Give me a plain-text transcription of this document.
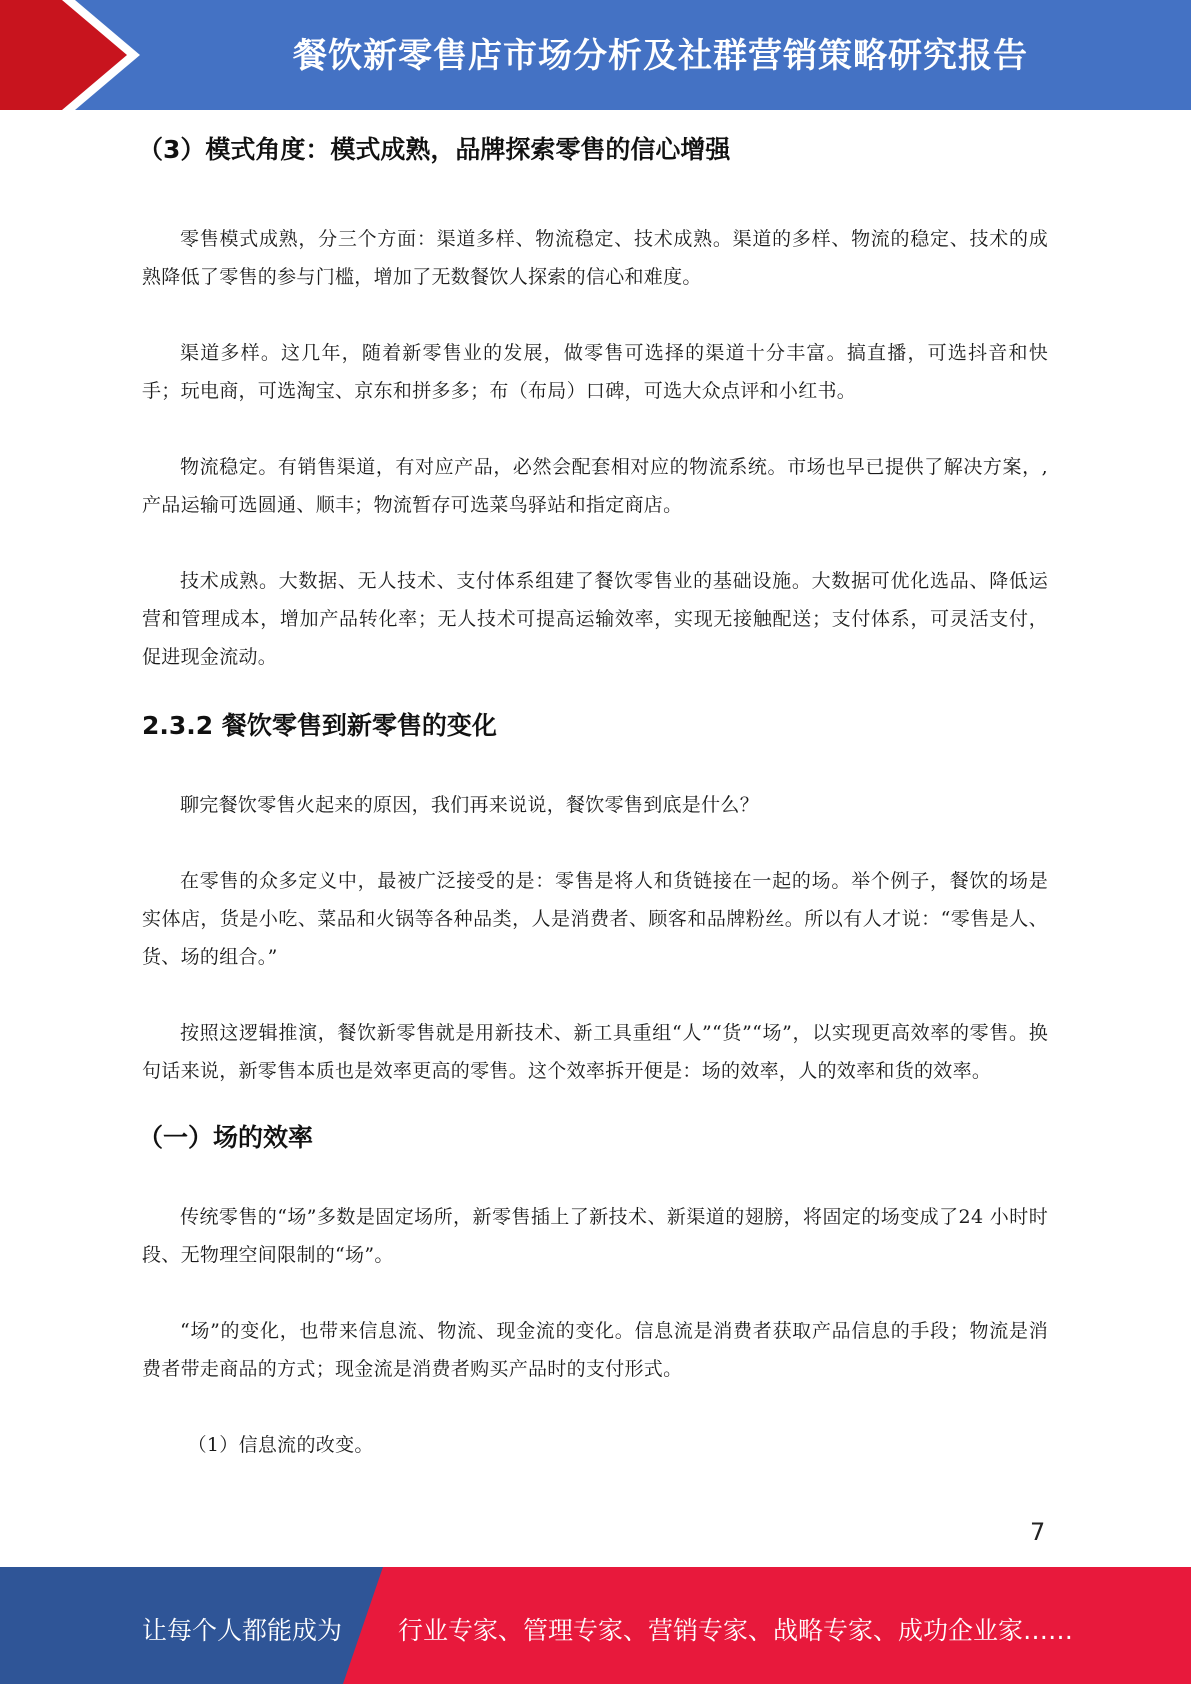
餐饮新零售店市场分析及社群营销策略研究报告
（3）模式角度：模式成熟，品牌探索零售的信心增强

零售模式成熟，分三个方面：渠道多样、物流稳定、技术成熟。渠道的多样、物流的稳定、技术的成熟降低了零售的参与门槛，增加了无数餐饮人探索的信心和难度。

渠道多样。这几年，随着新零售业的发展，做零售可选择的渠道十分丰富。搞直播，可选抖音和快手；玩电商，可选淘宝、京东和拼多多；布（布局）口碑，可选大众点评和小红书。

物流稳定。有销售渠道，有对应产品，必然会配套相对应的物流系统。市场也早已提供了解决方案，,产品运输可选圆通、顺丰；物流暂存可选菜鸟驿站和指定商店。

技术成熟。大数据、无人技术、支付体系组建了餐饮零售业的基础设施。大数据可优化选品、降低运营和管理成本，增加产品转化率；无人技术可提高运输效率，实现无接触配送；支付体系，可灵活支付，促进现金流动。

2.3.2 餐饮零售到新零售的变化

聊完餐饮零售火起来的原因，我们再来说说，餐饮零售到底是什么？

在零售的众多定义中，最被广泛接受的是：零售是将人和货链接在一起的场。举个例子，餐饮的场是实体店，货是小吃、菜品和火锅等各种品类，人是消费者、顾客和品牌粉丝。所以有人才说：“零售是人、货、场的组合。”

按照这逻辑推演，餐饮新零售就是用新技术、新工具重组“人”“货”“场”，以实现更高效率的零售。换句话来说，新零售本质也是效率更高的零售。这个效率拆开便是：场的效率，人的效率和货的效率。

（一）场的效率

传统零售的“场”多数是固定场所，新零售插上了新技术、新渠道的翅膀，将固定的场变成了24 小时时段、无物理空间限制的“场”。

“场”的变化，也带来信息流、物流、现金流的变化。信息流是消费者获取产品信息的手段；物流是消费者带走商品的方式；现金流是消费者购买产品时的支付形式。

（1）信息流的改变。

7
让每个人都能成为 行业专家、管理专家、营销专家、战略专家、成功企业家……
